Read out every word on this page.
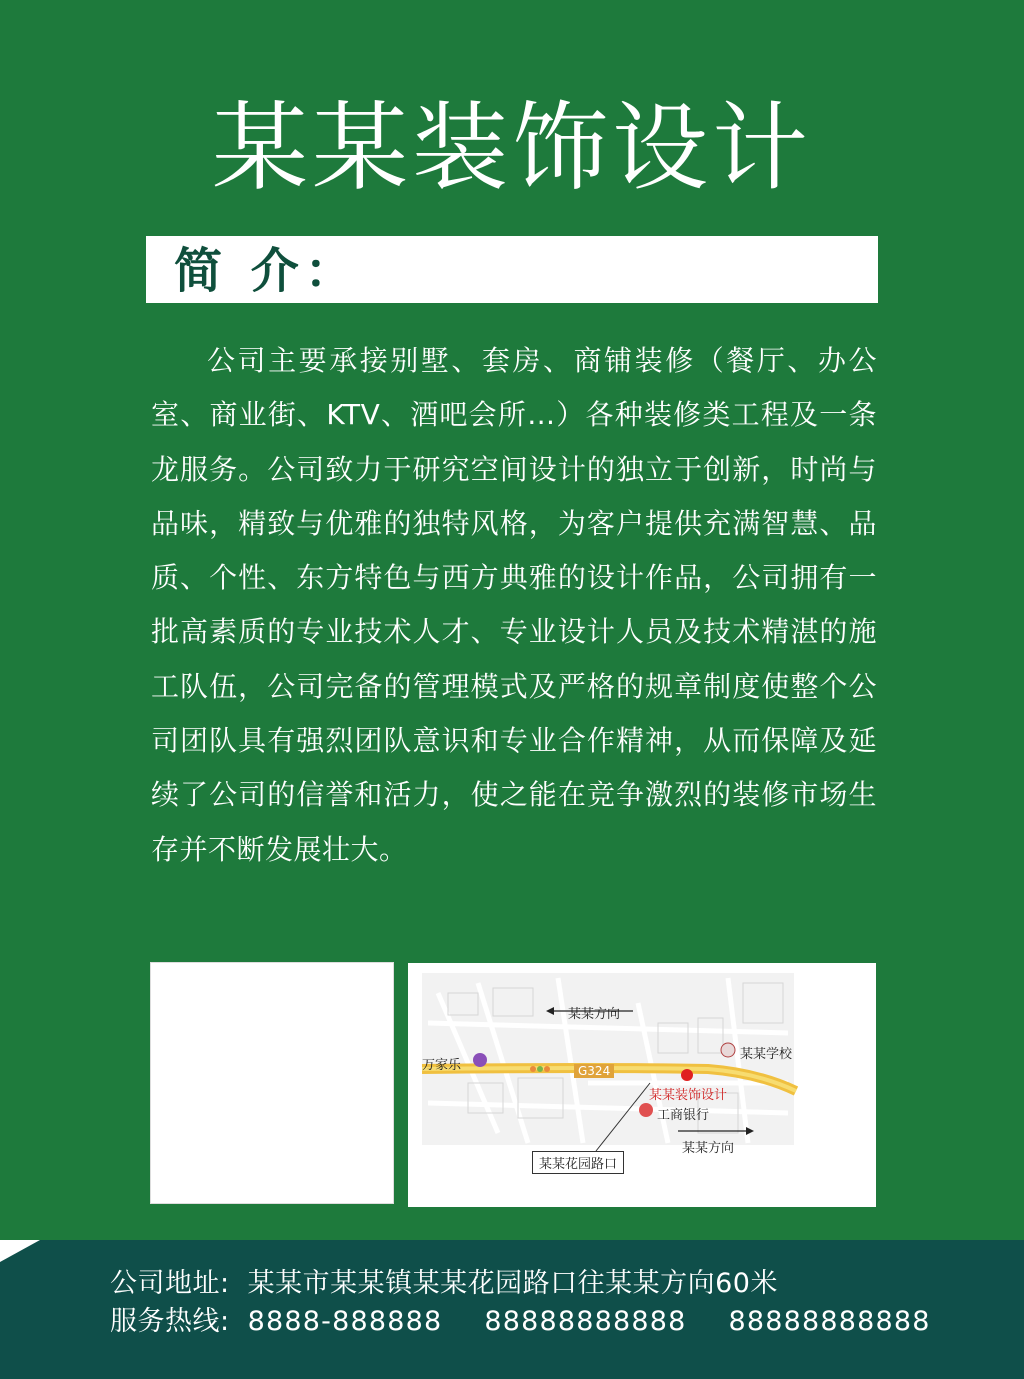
某某装饰设计
简 介：
公司主要承接别墅、套房、商铺装修（餐厅、办公室、商业街、KTV、酒吧会所…）各种装修类工程及一条龙服务。公司致力于研究空间设计的独立于创新，时尚与品味，精致与优雅的独特风格，为客户提供充满智慧、品质、个性、东方特色与西方典雅的设计作品，公司拥有一批高素质的专业技术人才、专业设计人员及技术精湛的施工队伍，公司完备的管理模式及严格的规章制度使整个公司团队具有强烈团队意识和专业合作精神，从而保障及延续了公司的信誉和活力，使之能在竞争激烈的装修市场生存并不断发展壮大。
某某方向
万家乐
某某学校
G324
某某装饰设计
工商银行
某某方向
某某花园路口
公司地址: 某某市某某镇某某花园路口往某某方向60米
服务热线: 8888-888888 88888888888 88888888888
